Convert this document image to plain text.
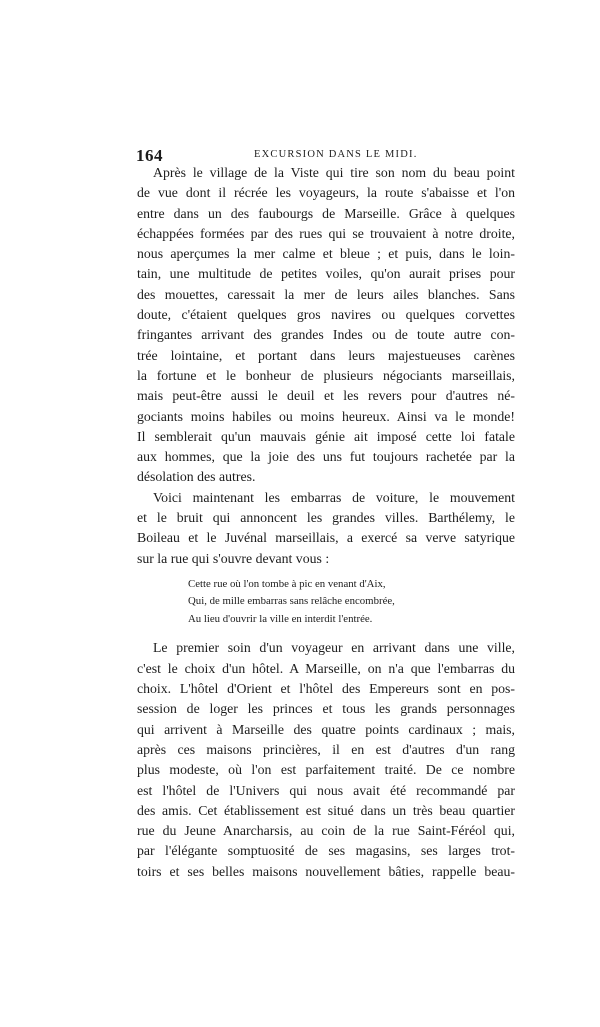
164	EXCURSION DANS LE MIDI.
Après le village de la Viste qui tire son nom du beau point
de vue dont il récrée les voyageurs, la route s'abaisse et l'on
entre dans un des faubourgs de Marseille. Grâce à quelques
échappées formées par des rues qui se trouvaient à notre droite,
nous aperçumes la mer calme et bleue ; et puis, dans le loin-
tain, une multitude de petites voiles, qu'on aurait prises pour
des mouettes, caressait la mer de leurs ailes blanches. Sans
doute, c'étaient quelques gros navires ou quelques corvettes
fringantes arrivant des grandes Indes ou de toute autre con-
trée lointaine, et portant dans leurs majestueuses carènes
la fortune et le bonheur de plusieurs négociants marseillais,
mais peut-être aussi le deuil et les revers pour d'autres né-
gociants moins habiles ou moins heureux. Ainsi va le monde!
Il semblerait qu'un mauvais génie ait imposé cette loi fatale
aux hommes, que la joie des uns fut toujours rachetée par la
désolation des autres.
Voici maintenant les embarras de voiture, le mouvement
et le bruit qui annoncent les grandes villes. Barthélemy, le
Boileau et le Juvénal marseillais, a exercé sa verve satyrique
sur la rue qui s'ouvre devant vous :
Cette rue où l'on tombe à pic en venant d'Aix,
Qui, de mille embarras sans relâche encombrée,
Au lieu d'ouvrir la ville en interdit l'entrée.
Le premier soin d'un voyageur en arrivant dans une ville,
c'est le choix d'un hôtel. A Marseille, on n'a que l'embarras du
choix. L'hôtel d'Orient et l'hôtel des Empereurs sont en pos-
session de loger les princes et tous les grands personnages
qui arrivent à Marseille des quatre points cardinaux ; mais,
après ces maisons princières, il en est d'autres d'un rang
plus modeste, où l'on est parfaitement traité. De ce nombre
est l'hôtel de l'Univers qui nous avait été recommandé par
des amis. Cet établissement est situé dans un très beau quartier
rue du Jeune Anarcharsis, au coin de la rue Saint-Féréol qui,
par l'élégante somptuosité de ses magasins, ses larges trot-
toirs et ses belles maisons nouvellement bâties, rappelle beau-
